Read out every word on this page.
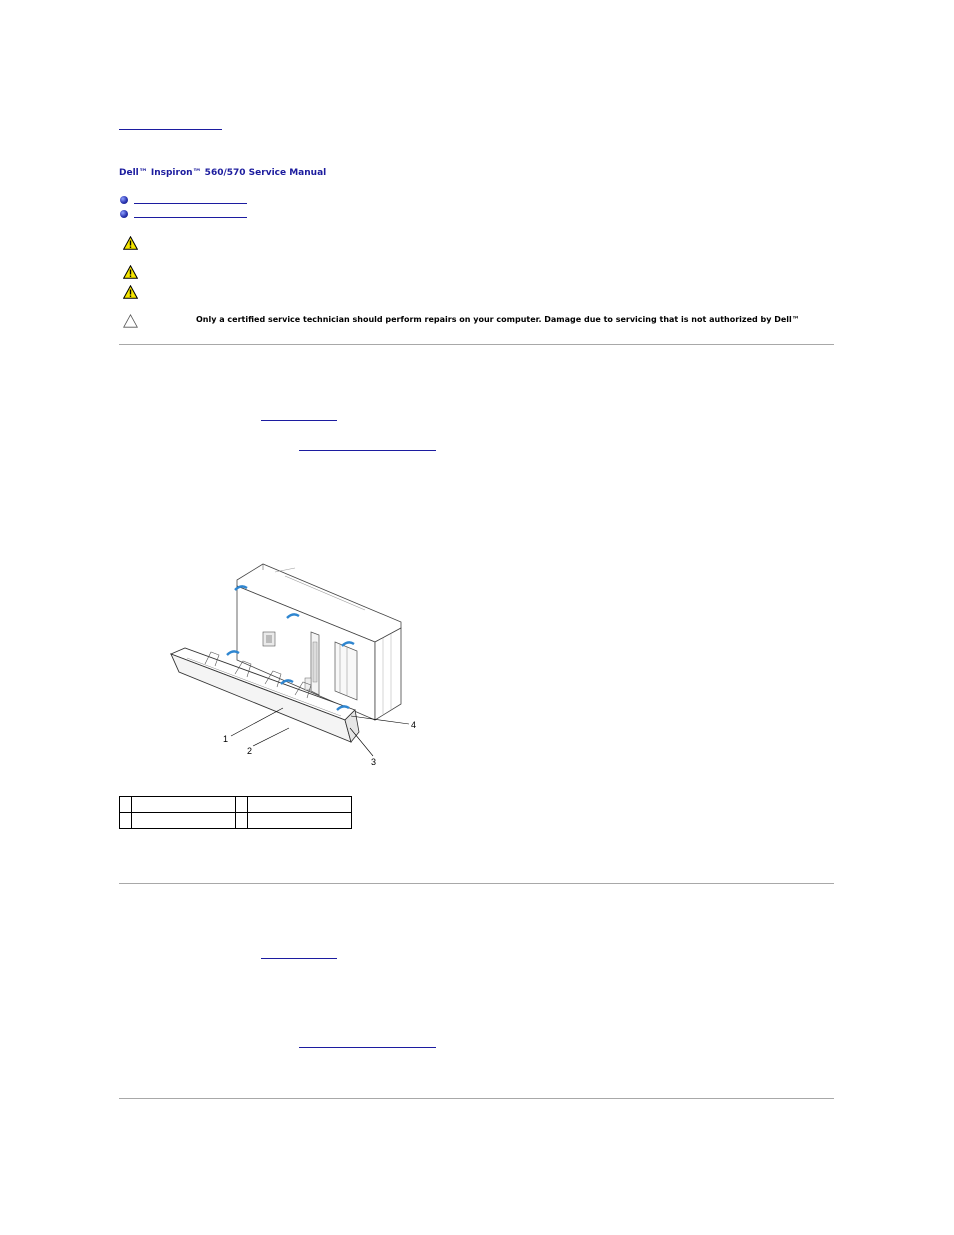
Dell™ Inspiron™ 560/570 Service Manual
Only a certified service technician should perform repairs on your computer. Damage due to servicing that is not authorized by Dell™
1
2
3
4
